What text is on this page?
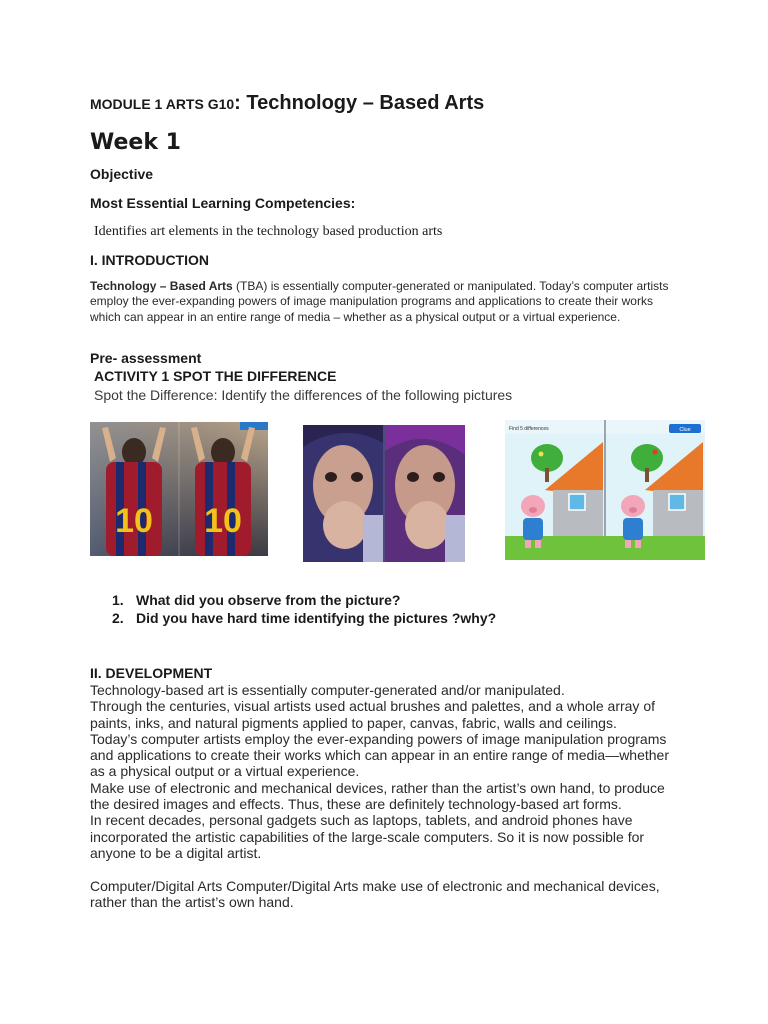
MODULE 1 ARTS G10: Technology – Based Arts
Week 1
Objective
Most Essential Learning Competencies:
Identifies art elements in the technology based production arts
I. INTRODUCTION
Technology – Based Arts (TBA) is essentially computer-generated or manipulated. Today’s computer artists employ the ever-expanding powers of image manipulation programs and applications to create their works which can appear in an entire range of media – whether as a physical output or a virtual experience.
Pre- assessment
ACTIVITY 1 SPOT THE DIFFERENCE
Spot the Difference: Identify the differences of the following pictures
10 10
Find 5 differences	Clue
1. What did you observe from the picture?
2. Did you have hard time identifying the pictures ?why?
II. DEVELOPMENT

Technology-based art is essentially computer-generated and/or manipulated.

Through the centuries, visual artists used actual brushes and palettes, and a whole array of paints, inks, and natural pigments applied to paper, canvas, fabric, walls and ceilings.

Today’s computer artists employ the ever-expanding powers of image manipulation programs and applications to create their works which can appear in an entire range of media—whether as a physical output or a virtual experience.

Make use of electronic and mechanical devices, rather than the artist’s own hand, to produce the desired images and effects. Thus, these are definitely technology-based art forms.

In recent decades, personal gadgets such as laptops, tablets, and android phones have incorporated the artistic capabilities of the large-scale computers. So it is now possible for anyone to be a digital artist.

Computer/Digital Arts Computer/Digital Arts make use of electronic and mechanical devices, rather than the artist’s own hand.
